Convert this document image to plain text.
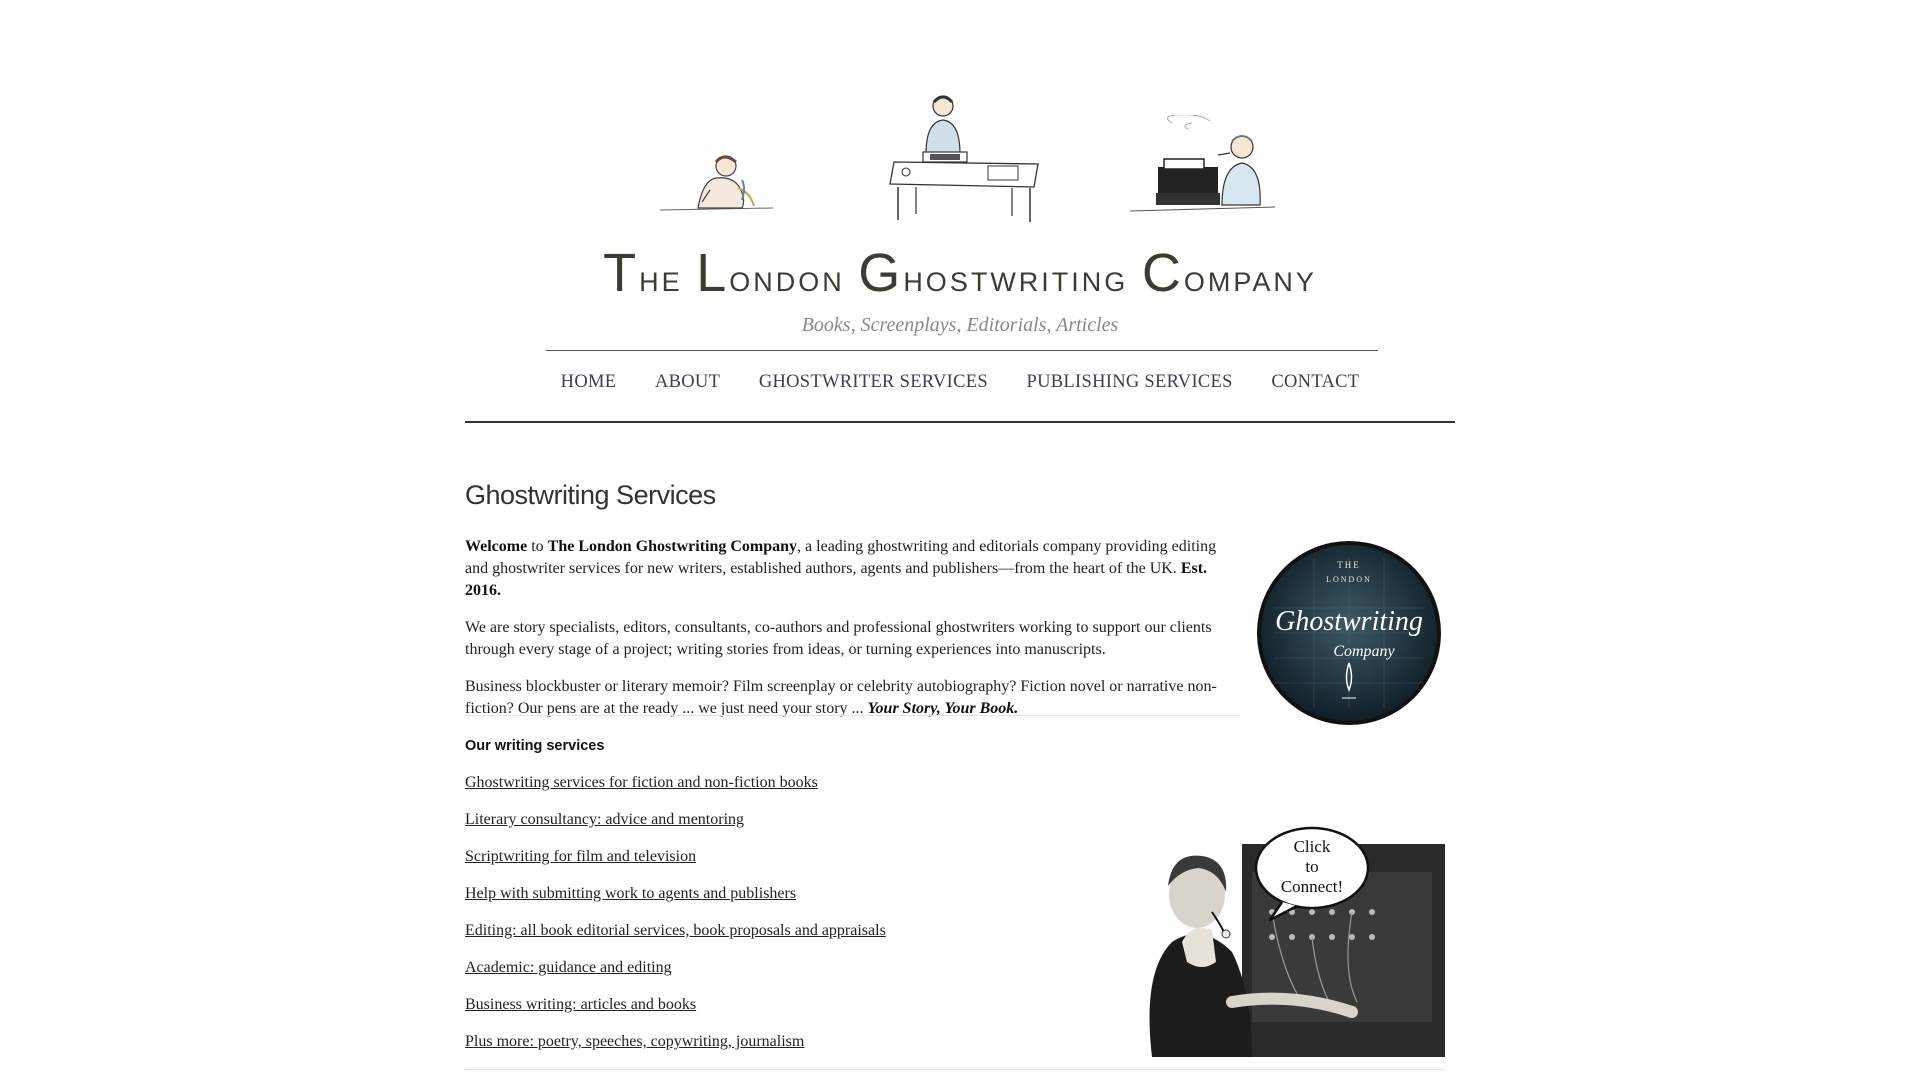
The London Ghostwriting Company
Books, Screenplays, Editorials, Articles
HOME ABOUT GHOSTWRITER SERVICES PUBLISHING SERVICES CONTACT
Ghostwriting Services

Welcome to The London Ghostwriting Company, a leading ghostwriting and editorials company providing editing and ghostwriter services for new writers, established authors, agents and publishers—from the heart of the UK. Est. 2016.

We are story specialists, editors, consultants, co-authors and professional ghostwriters working to support our clients through every stage of a project; writing stories from ideas, or turning experiences into manuscripts.

Business blockbuster or literary memoir? Film screenplay or celebrity autobiography? Fiction novel or narrative non-fiction? Our pens are at the ready ... we just need your story ... Your Story, Your Book.

THE
LONDON
Ghostwriting
Company
Our writing services
Ghostwriting services for fiction and non-fiction books
Literary consultancy: advice and mentoring
Scriptwriting for film and television
Help with submitting work to agents and publishers
Editing: all book editorial services, book proposals and appraisals
Academic: guidance and editing
Business writing: articles and books
Plus more: poetry, speeches, copywriting, journalism
Click
to
Connect!
